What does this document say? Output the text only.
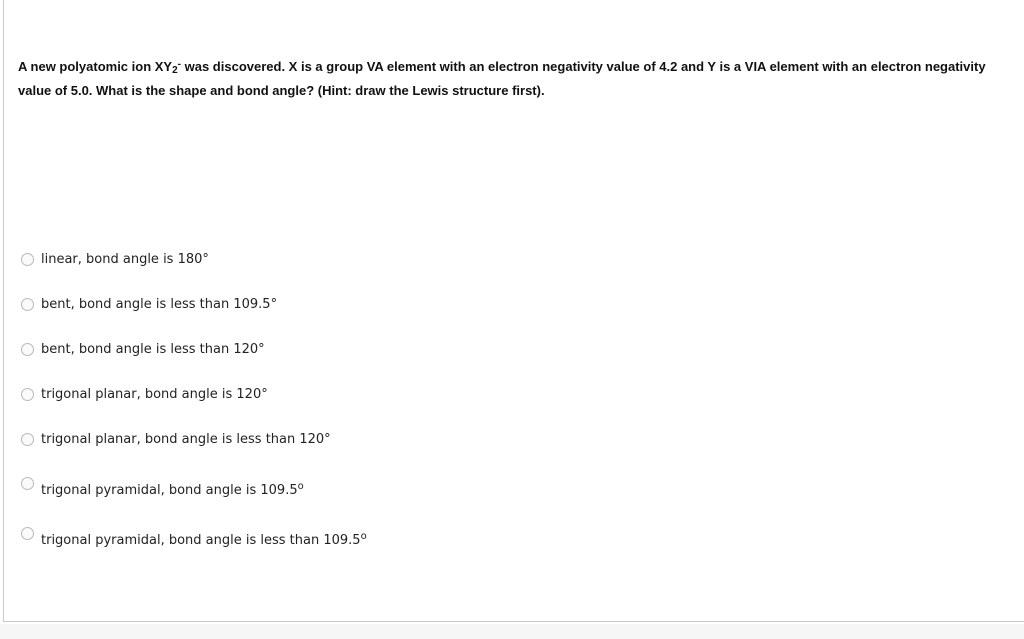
A new polyatomic ion $XY_2^-$ was discovered. X is a group VA element with an electron negativity value of 4.2 and Y is a VIA element with an electron negativity value of 5.0. What is the shape and bond angle? (Hint: draw the Lewis structure first).
linear, bond angle is 180°
bent, bond angle is less than 109.5°
bent, bond angle is less than 120°
trigonal planar, bond angle is 120°
trigonal planar, bond angle is less than 120°
trigonal pyramidal, bond angle is 109.5$^o$
trigonal pyramidal, bond angle is less than 109.5$^o$
